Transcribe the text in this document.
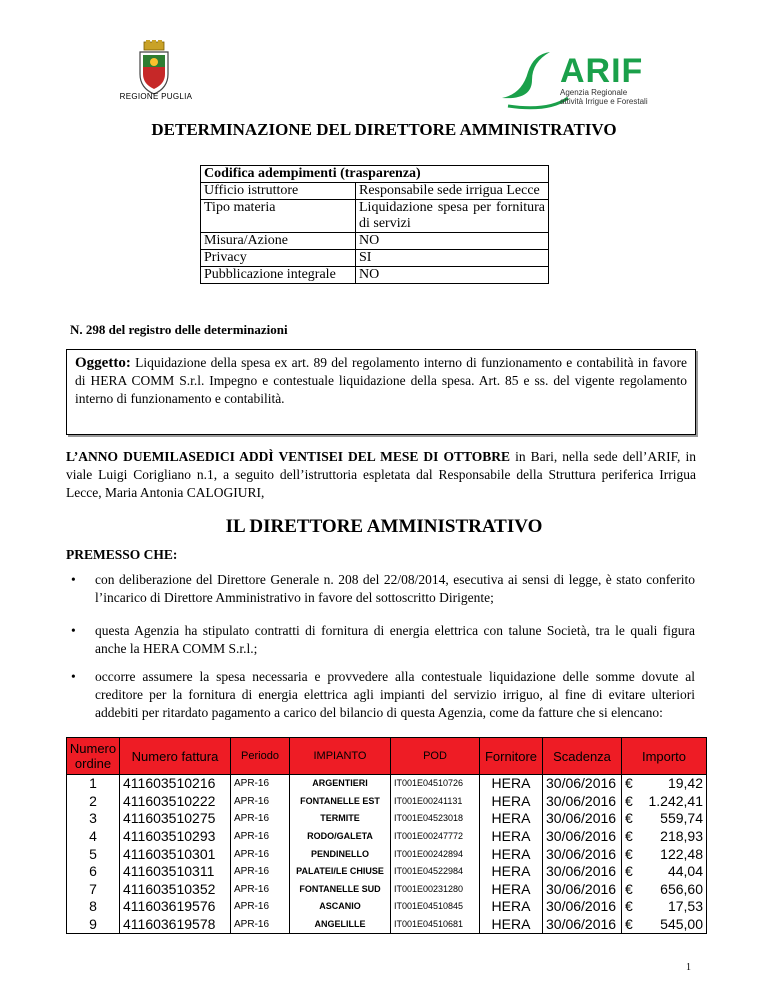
REGIONE PUGLIA
ARIF
Agenzia Regionale
attività Irrigue e Forestali
DETERMINAZIONE DEL DIRETTORE AMMINISTRATIVO
Codifica adempimenti (trasparenza)	
Ufficio istruttore	Responsabile sede irrigua Lecce
Tipo materia	Liquidazione spesa per fornitura di servizi
Misura/Azione	NO
Privacy	SI
Pubblicazione integrale	NO
N. 298 del registro delle determinazioni
Oggetto: Liquidazione della spesa ex art. 89 del regolamento interno di funzionamento e contabilità in favore di HERA COMM S.r.l. Impegno e contestuale liquidazione della spesa. Art. 85 e ss. del vigente regolamento interno di funzionamento e contabilità.
L’ANNO DUEMILASEDICI ADDÌ VENTISEI DEL MESE DI OTTOBRE in Bari, nella sede dell’ARIF, in viale Luigi Corigliano n.1, a seguito dell’istruttoria espletata dal Responsabile della Struttura periferica Irrigua Lecce, Maria Antonia CALOGIURI,
IL DIRETTORE AMMINISTRATIVO
PREMESSO CHE:
• con deliberazione del Direttore Generale n. 208 del 22/08/2014, esecutiva ai sensi di legge, è stato conferito l’incarico di Direttore Amministrativo in favore del sottoscritto Dirigente;
• questa Agenzia ha stipulato contratti di fornitura di energia elettrica con talune Società, tra le quali figura anche la HERA COMM S.r.l.;
• occorre assumere la spesa necessaria e provvedere alla contestuale liquidazione delle somme dovute al creditore per la fornitura di energia elettrica agli impianti del servizio irriguo, al fine di evitare ulteriori addebiti per ritardato pagamento a carico del bilancio di questa Agenzia, come da fatture che si elencano:
Numero ordine	Numero fattura	Periodo	IMPIANTO	POD	Fornitore	Scadenza	Importo
1	411603510216	APR-16	ARGENTIERI	IT001E04510726	HERA	30/06/2016	€ 19,42
2	411603510222	APR-16	FONTANELLE EST	IT001E00241131	HERA	30/06/2016	€ 1.242,41
3	411603510275	APR-16	TERMITE	IT001E04523018	HERA	30/06/2016	€ 559,74
4	411603510293	APR-16	RODO/GALETA	IT001E00247772	HERA	30/06/2016	€ 218,93
5	411603510301	APR-16	PENDINELLO	IT001E00242894	HERA	30/06/2016	€ 122,48
6	411603510311	APR-16	PALATEI/LE CHIUSE	IT001E04522984	HERA	30/06/2016	€ 44,04
7	411603510352	APR-16	FONTANELLE SUD	IT001E00231280	HERA	30/06/2016	€ 656,60
8	411603619576	APR-16	ASCANIO	IT001E04510845	HERA	30/06/2016	€ 17,53
9	411603619578	APR-16	ANGELILLE	IT001E04510681	HERA	30/06/2016	€ 545,00
1
